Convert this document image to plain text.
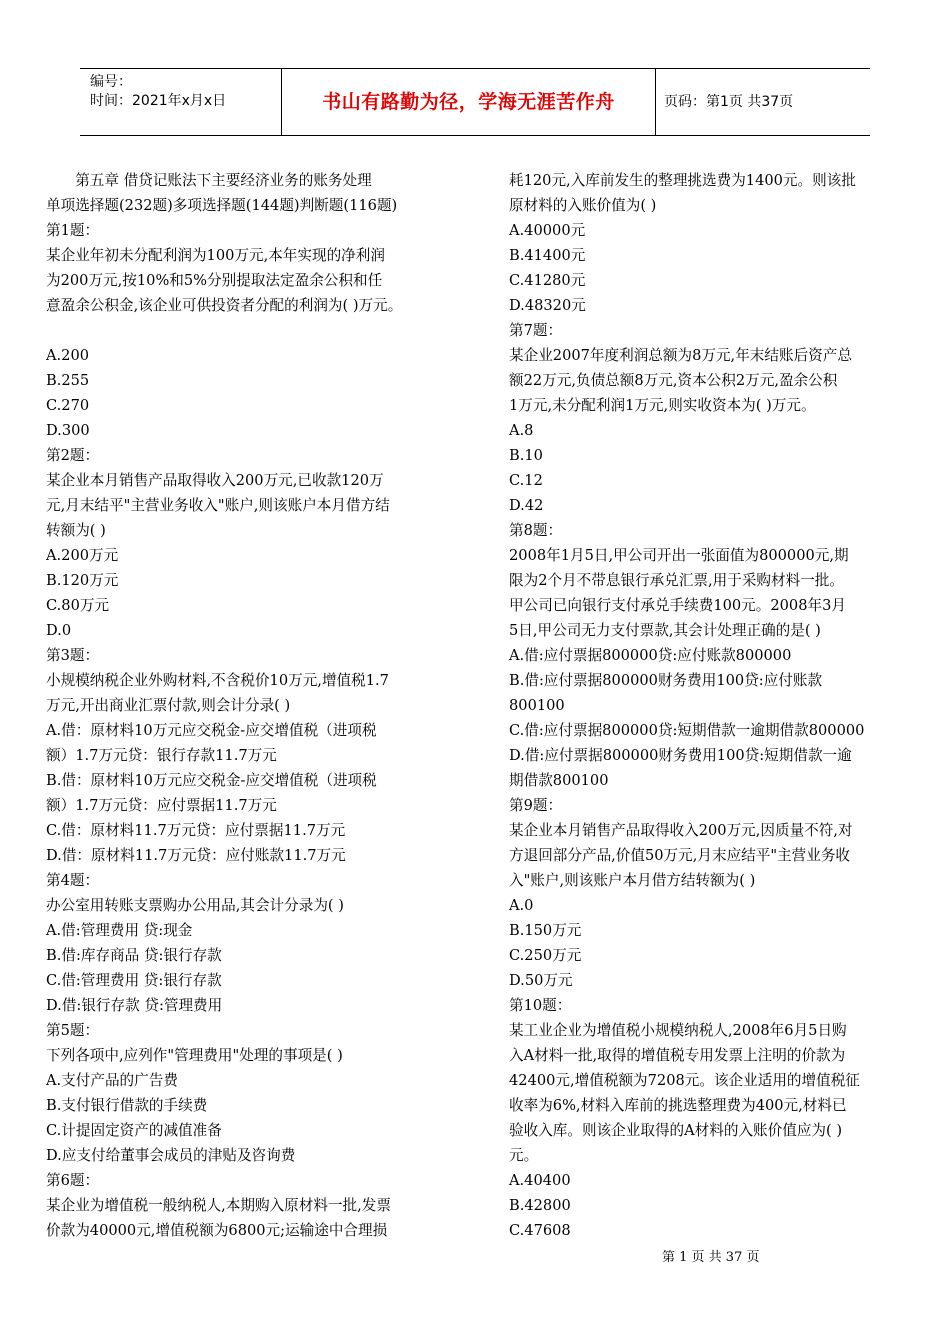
编号：
时间：2021年x月x日	书山有路勤为径，学海无涯苦作舟	页码：第1页 共37页

　　第五章 借贷记账法下主要经济业务的账务处理

单项选择题(232题)多项选择题(144题)判断题(116题)

第1题：

某企业年初未分配利润为100万元,本年实现的净利润

为200万元,按10%和5%分别提取法定盈余公积和任

意盈余公积金,该企业可供投资者分配的利润为( )万元。

A.200

B.255

C.270

D.300

第2题：

某企业本月销售产品取得收入200万元,已收款120万

元,月末结平"主营业务收入"账户,则该账户本月借方结

转额为( )

A.200万元

B.120万元

C.80万元

D.0

第3题：

小规模纳税企业外购材料,不含税价10万元,增值税1.7

万元,开出商业汇票付款,则会计分录( )

A.借：原材料10万元应交税金-应交增值税（进项税

额）1.7万元贷：银行存款11.7万元

B.借：原材料10万元应交税金-应交增值税（进项税

额）1.7万元贷：应付票据11.7万元

C.借：原材料11.7万元贷：应付票据11.7万元

D.借：原材料11.7万元贷：应付账款11.7万元

第4题：

办公室用转账支票购办公用品,其会计分录为( )

A.借:管理费用 贷:现金

B.借:库存商品 贷:银行存款

C.借:管理费用 贷:银行存款

D.借:银行存款 贷:管理费用

第5题：

下列各项中,应列作"管理费用"处理的事项是( )

A.支付产品的广告费

B.支付银行借款的手续费

C.计提固定资产的减值准备

D.应支付给董事会成员的津贴及咨询费

第6题：

某企业为增值税一般纳税人,本期购入原材料一批,发票

价款为40000元,增值税额为6800元;运输途中合理损

耗120元,入库前发生的整理挑选费为1400元。则该批

原材料的入账价值为( )

A.40000元

B.41400元

C.41280元

D.48320元

第7题：

某企业2007年度利润总额为8万元,年末结账后资产总

额22万元,负债总额8万元,资本公积2万元,盈余公积

1万元,未分配利润1万元,则实收资本为( )万元。

A.8

B.10

C.12

D.42

第8题：

2008年1月5日,甲公司开出一张面值为800000元,期

限为2个月不带息银行承兑汇票,用于采购材料一批。

甲公司已向银行支付承兑手续费100元。2008年3月

5日,甲公司无力支付票款,其会计处理正确的是( )

A.借:应付票据800000贷:应付账款800000

B.借:应付票据800000财务费用100贷:应付账款

800100

C.借:应付票据800000贷:短期借款一逾期借款800000

D.借:应付票据800000财务费用100贷:短期借款一逾

期借款800100

第9题：

某企业本月销售产品取得收入200万元,因质量不符,对

方退回部分产品,价值50万元,月末应结平"主营业务收

入"账户,则该账户本月借方结转额为( )

A.0

B.150万元

C.250万元

D.50万元

第10题：

某工业企业为增值税小规模纳税人,2008年6月5日购

入A材料一批,取得的增值税专用发票上注明的价款为

42400元,增值税额为7208元。该企业适用的增值税征

收率为6%,材料入库前的挑选整理费为400元,材料已

验收入库。则该企业取得的A材料的入账价值应为( )

元。

A.40400

B.42800

C.47608

第 1 页 共 37 页
